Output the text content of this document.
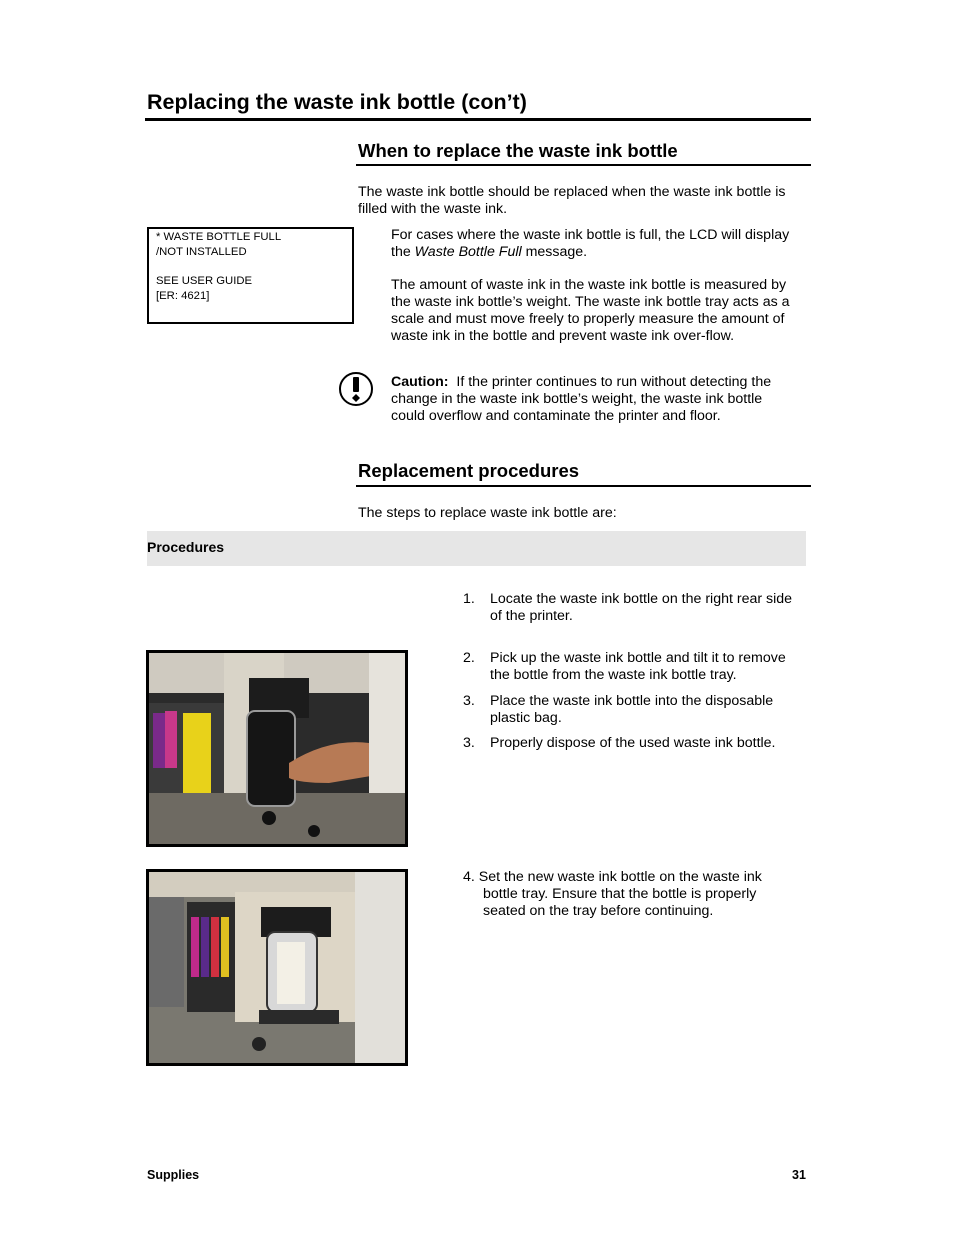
Replacing the waste ink bottle (con’t)
When to replace the waste ink bottle
The waste ink bottle should be replaced when the waste ink bottle is
filled with the waste ink.
* WASTE BOTTLE FULL
/NOT INSTALLED
SEE USER GUIDE
[ER: 4621]
For cases where the waste ink bottle is full, the LCD will display
the Waste Bottle Full message.
The amount of waste ink in the waste ink bottle is measured by
the waste ink bottle’s weight. The waste ink bottle tray acts as a
scale and must move freely to properly measure the amount of
waste ink in the bottle and prevent waste ink over-flow.
Caution:  If the printer continues to run without detecting the
change in the waste ink bottle’s weight, the waste ink bottle
could overflow and contaminate the printer and floor.
Replacement procedures
The steps to replace waste ink bottle are:
Procedures
1. Locate the waste ink bottle on the right rear side
of the printer.
2. Pick up the waste ink bottle and tilt it to remove
the bottle from the waste ink bottle tray.
3. Place the waste ink bottle into the disposable
plastic bag.
3. Properly dispose of the used waste ink bottle.
4. Set the new waste ink bottle on the waste ink
bottle tray. Ensure that the bottle is properly
seated on the tray before continuing.
Supplies	31
